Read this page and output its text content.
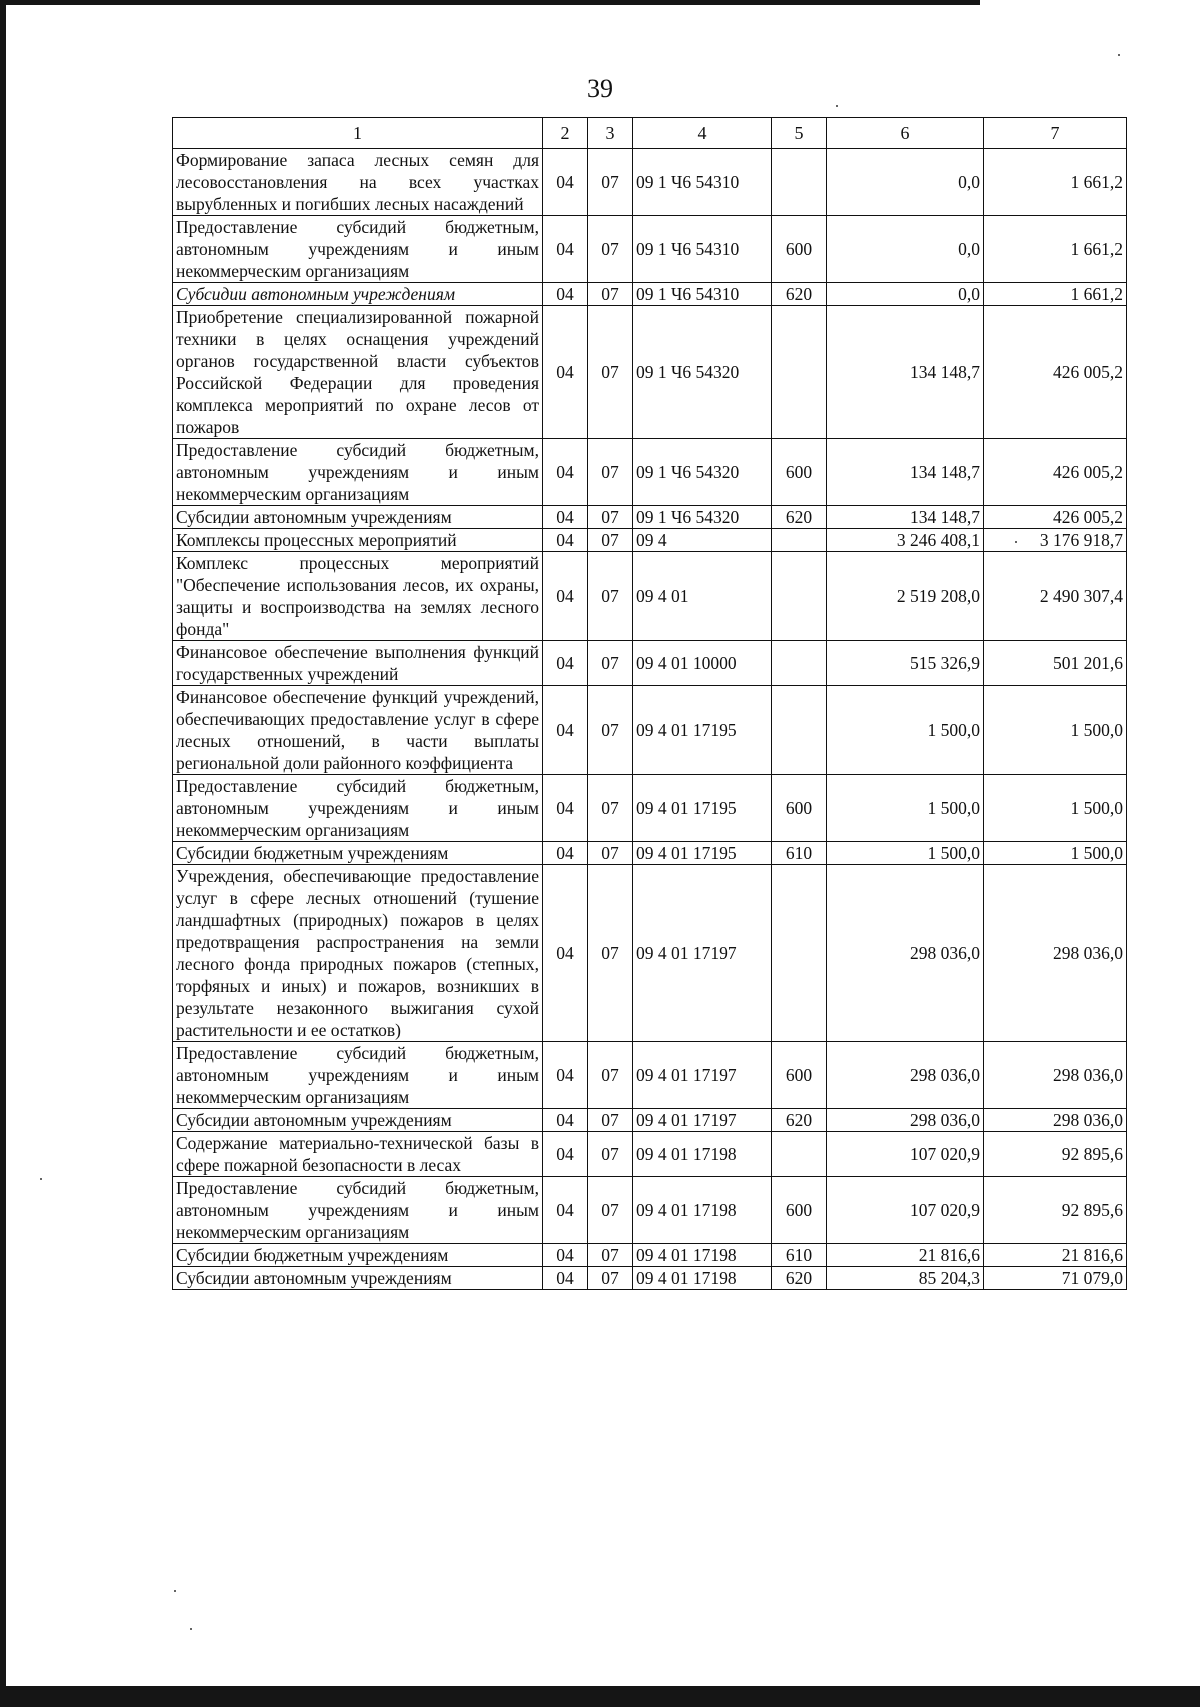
39
1	2	3	4	5	6	7
Формирование запаса лесных семян для лесовосстановления на всех участках вырубленных и погибших лесных насаждений	04	07	09 1 Ч6 54310		0,0	1 661,2
Предоставление субсидий бюджетным, автономным учреждениям и иным некоммерческим организациям	04	07	09 1 Ч6 54310	600	0,0	1 661,2
Субсидии автономным учреждениям	04	07	09 1 Ч6 54310	620	0,0	1 661,2
Приобретение специализированной пожарной техники в целях оснащения учреждений органов государственной власти субъектов Российской Федерации для проведения комплекса мероприятий по охране лесов от пожаров	04	07	09 1 Ч6 54320		134 148,7	426 005,2
Предоставление субсидий бюджетным, автономным учреждениям и иным некоммерческим организациям	04	07	09 1 Ч6 54320	600	134 148,7	426 005,2
Субсидии автономным учреждениям	04	07	09 1 Ч6 54320	620	134 148,7	426 005,2
Комплексы процессных мероприятий	04	07	09 4		3 246 408,1	3 176 918,7
Комплекс процессных мероприятий "Обеспечение использования лесов, их охраны, защиты и воспроизводства на землях лесного фонда"	04	07	09 4 01		2 519 208,0	2 490 307,4
Финансовое обеспечение выполнения функций государственных учреждений	04	07	09 4 01 10000		515 326,9	501 201,6
Финансовое обеспечение функций учреждений, обеспечивающих предоставление услуг в сфере лесных отношений, в части выплаты региональной доли районного коэффициента	04	07	09 4 01 17195		1 500,0	1 500,0
Предоставление субсидий бюджетным, автономным учреждениям и иным некоммерческим организациям	04	07	09 4 01 17195	600	1 500,0	1 500,0
Субсидии бюджетным учреждениям	04	07	09 4 01 17195	610	1 500,0	1 500,0
Учреждения, обеспечивающие предоставление услуг в сфере лесных отношений (тушение ландшафтных (природных) пожаров в целях предотвращения распространения на земли лесного фонда природных пожаров (степных, торфяных и иных) и пожаров, возникших в результате незаконного выжигания сухой растительности и ее остатков)	04	07	09 4 01 17197		298 036,0	298 036,0
Предоставление субсидий бюджетным, автономным учреждениям и иным некоммерческим организациям	04	07	09 4 01 17197	600	298 036,0	298 036,0
Субсидии автономным учреждениям	04	07	09 4 01 17197	620	298 036,0	298 036,0
Содержание материально-технической базы в сфере пожарной безопасности в лесах	04	07	09 4 01 17198		107 020,9	92 895,6
Предоставление субсидий бюджетным, автономным учреждениям и иным некоммерческим организациям	04	07	09 4 01 17198	600	107 020,9	92 895,6
Субсидии бюджетным учреждениям	04	07	09 4 01 17198	610	21 816,6	21 816,6
Субсидии автономным учреждениям	04	07	09 4 01 17198	620	85 204,3	71 079,0
